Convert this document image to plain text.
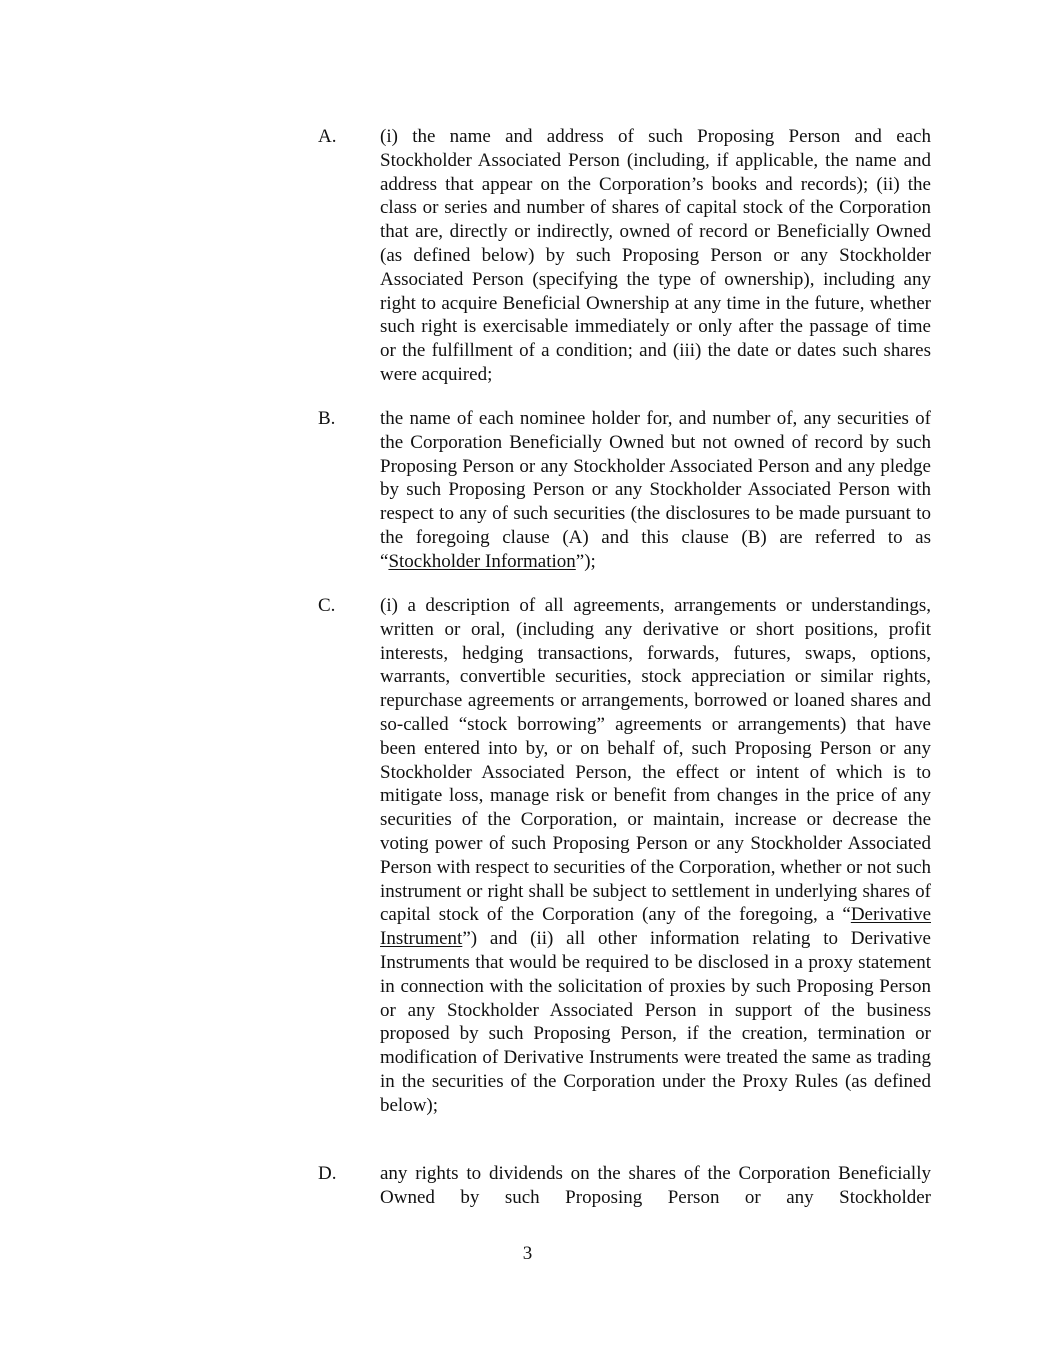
A. (i) the name and address of such Proposing Person and each Stockholder Associated Person (including, if applicable, the name and address that appear on the Corporation’s books and records); (ii) the class or series and number of shares of capital stock of the Corporation that are, directly or indirectly, owned of record or Beneficially Owned (as defined below) by such Proposing Person or any Stockholder Associated Person (specifying the type of ownership), including any right to acquire Beneficial Ownership at any time in the future, whether such right is exercisable immediately or only after the passage of time or the fulfillment of a condition; and (iii) the date or dates such shares were acquired;
B. the name of each nominee holder for, and number of, any securities of the Corporation Beneficially Owned but not owned of record by such Proposing Person or any Stockholder Associated Person and any pledge by such Proposing Person or any Stockholder Associated Person with respect to any of such securities (the disclosures to be made pursuant to the foregoing clause (A) and this clause (B) are referred to as “Stockholder Information”);
C. (i) a description of all agreements, arrangements or understandings, written or oral, (including any derivative or short positions, profit interests, hedging transactions, forwards, futures, swaps, options, warrants, convertible securities, stock appreciation or similar rights, repurchase agreements or arrangements, borrowed or loaned shares and so-called “stock borrowing” agreements or arrangements) that have been entered into by, or on behalf of, such Proposing Person or any Stockholder Associated Person, the effect or intent of which is to mitigate loss, manage risk or benefit from changes in the price of any securities of the Corporation, or maintain, increase or decrease the voting power of such Proposing Person or any Stockholder Associated Person with respect to securities of the Corporation, whether or not such instrument or right shall be subject to settlement in underlying shares of capital stock of the Corporation (any of the foregoing, a “Derivative Instrument”) and (ii) all other information relating to Derivative Instruments that would be required to be disclosed in a proxy statement in connection with the solicitation of proxies by such Proposing Person or any Stockholder Associated Person in support of the business proposed by such Proposing Person, if the creation, termination or modification of Derivative Instruments were treated the same as trading in the securities of the Corporation under the Proxy Rules (as defined below);
D. any rights to dividends on the shares of the Corporation Beneficially Owned by such Proposing Person or any Stockholder
3
